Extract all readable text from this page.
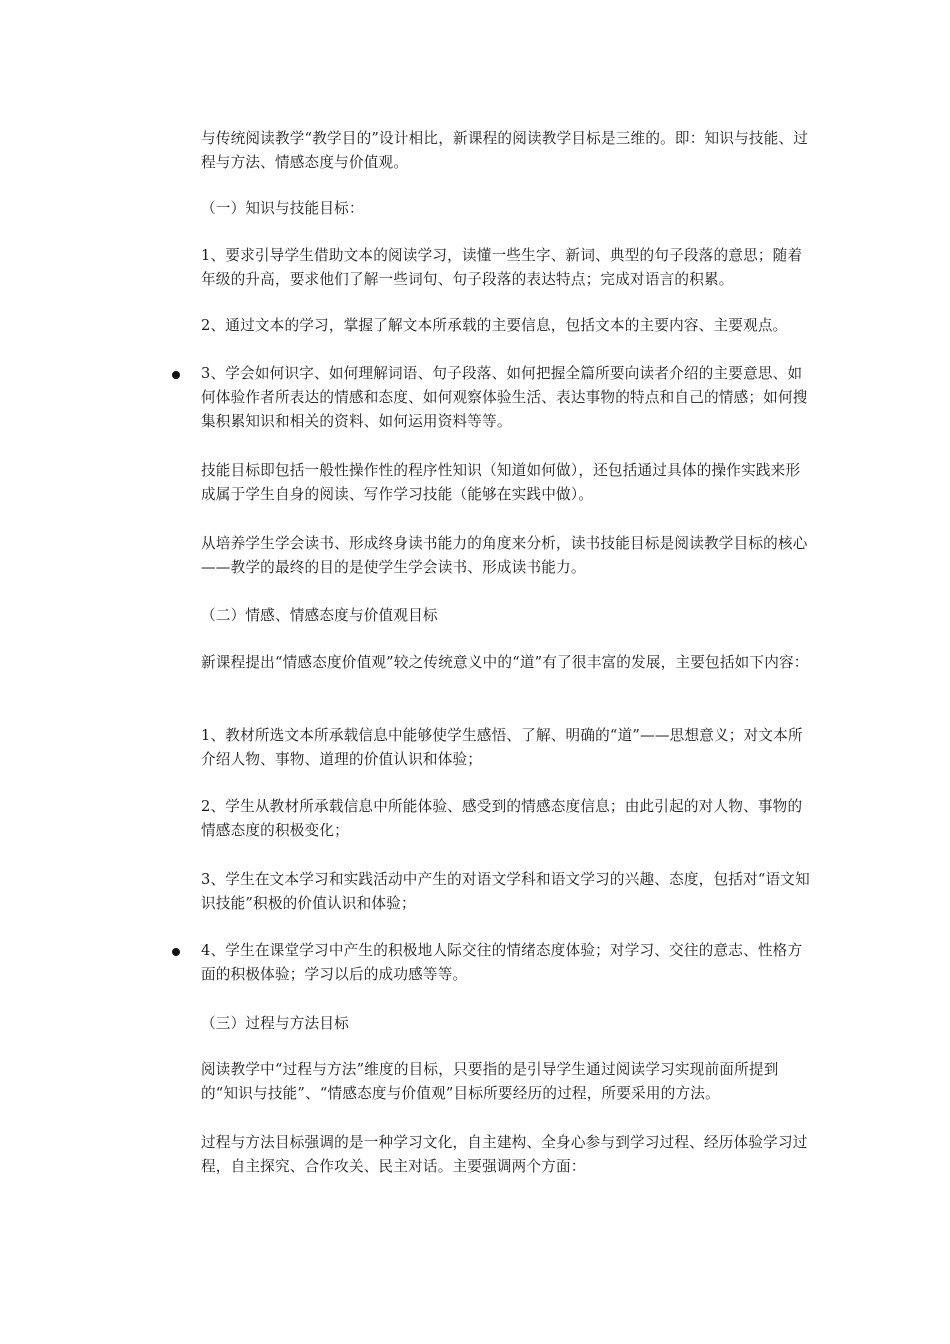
与传统阅读教学“教学目的”设计相比，新课程的阅读教学目标是三维的。即：知识与技能、过程与方法、情感态度与价值观。

（一）知识与技能目标：

1、要求引导学生借助文本的阅读学习，读懂一些生字、新词、典型的句子段落的意思；随着年级的升高，要求他们了解一些词句、句子段落的表达特点；完成对语言的积累。

2、通过文本的学习，掌握了解文本所承载的主要信息，包括文本的主要内容、主要观点。

3、学会如何识字、如何理解词语、句子段落、如何把握全篇所要向读者介绍的主要意思、如何体验作者所表达的情感和态度、如何观察体验生活、表达事物的特点和自己的情感；如何搜集积累知识和相关的资料、如何运用资料等等。

技能目标即包括一般性操作性的程序性知识（知道如何做），还包括通过具体的操作实践来形成属于学生自身的阅读、写作学习技能（能够在实践中做）。

从培养学生学会读书、形成终身读书能力的角度来分析，读书技能目标是阅读教学目标的核心——教学的最终的目的是使学生学会读书、形成读书能力。

（二）情感、情感态度与价值观目标

新课程提出“情感态度价值观”较之传统意义中的“道”有了很丰富的发展，主要包括如下内容：

1、教材所选文本所承载信息中能够使学生感悟、了解、明确的“道”——思想意义；对文本所介绍人物、事物、道理的价值认识和体验；

2、学生从教材所承载信息中所能体验、感受到的情感态度信息；由此引起的对人物、事物的情感态度的积极变化；

3、学生在文本学习和实践活动中产生的对语文学科和语文学习的兴趣、态度，包括对“语文知识技能”积极的价值认识和体验；

4、学生在课堂学习中产生的积极地人际交往的情绪态度体验；对学习、交往的意志、性格方面的积极体验；学习以后的成功感等等。

（三）过程与方法目标

阅读教学中“过程与方法”维度的目标，只要指的是引导学生通过阅读学习实现前面所提到的“知识与技能”、“情感态度与价值观”目标所要经历的过程，所要采用的方法。

过程与方法目标强调的是一种学习文化，自主建构、全身心参与到学习过程、经历体验学习过程，自主探究、合作攻关、民主对话。主要强调两个方面：
